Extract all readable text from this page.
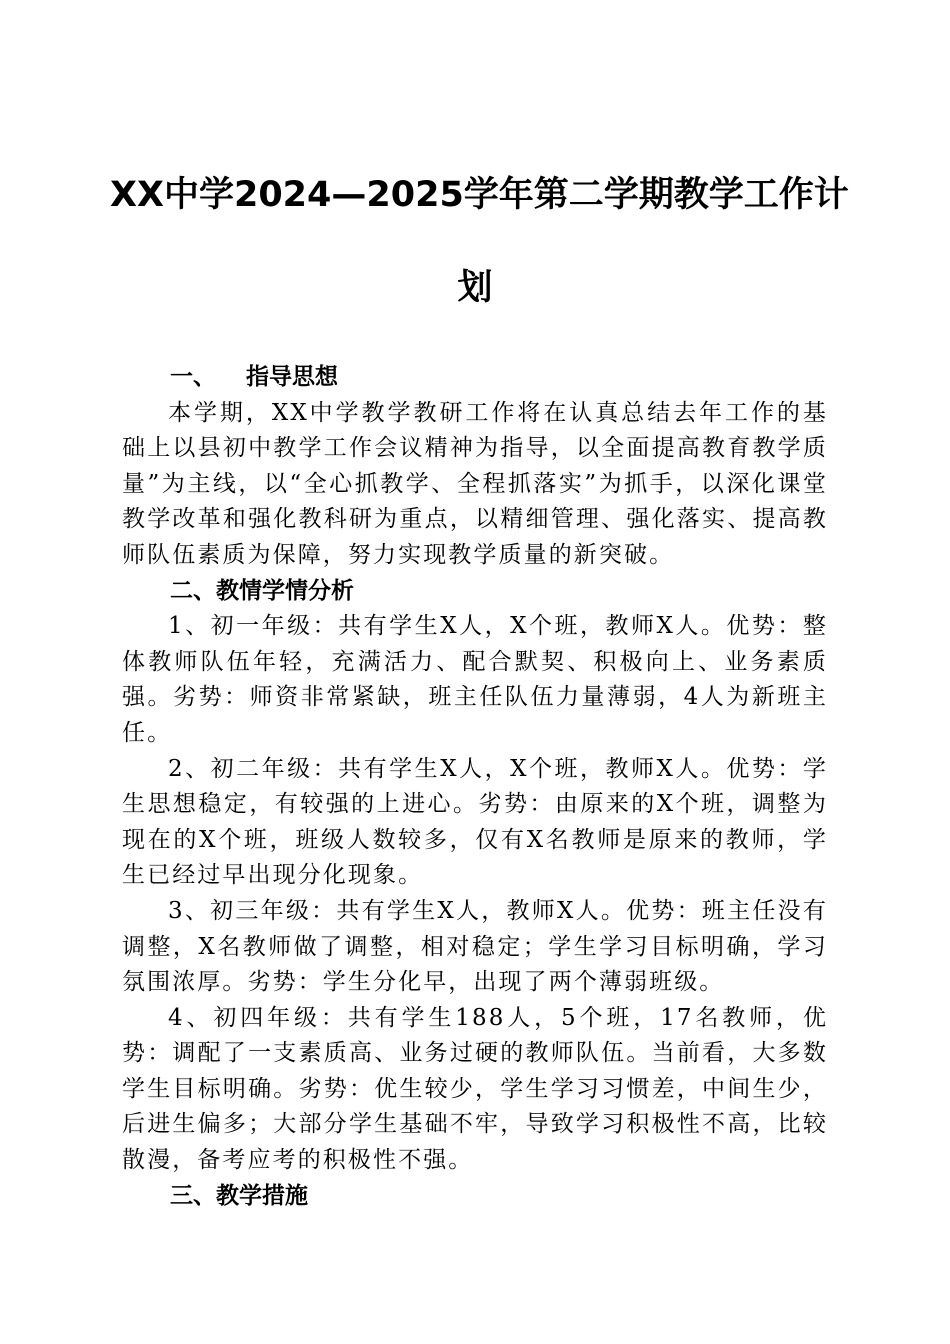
XX中学2024—2025学年第二学期教学工作计
划
一、 指导思想

本学期，XX中学教学教研工作将在认真总结去年工作的基础上以县初中教学工作会议精神为指导，以全面提高教育教学质量”为主线，以“全心抓教学、全程抓落实”为抓手，以深化课堂教学改革和强化教科研为重点，以精细管理、强化落实、提高教师队伍素质为保障，努力实现教学质量的新突破。

二、教情学情分析

1、初一年级：共有学生X人，X个班，教师X人。优势：整体教师队伍年轻，充满活力、配合默契、积极向上、业务素质强。劣势：师资非常紧缺，班主任队伍力量薄弱，4人为新班主任。

2、初二年级：共有学生X人，X个班，教师X人。优势：学生思想稳定，有较强的上进心。劣势：由原来的X个班，调整为现在的X个班，班级人数较多，仅有X名教师是原来的教师，学生已经过早出现分化现象。

3、初三年级：共有学生X人，教师X人。优势：班主任没有调整，X名教师做了调整，相对稳定；学生学习目标明确，学习氛围浓厚。劣势：学生分化早，出现了两个薄弱班级。

4、初四年级：共有学生188人，5个班，17名教师，优势：调配了一支素质高、业务过硬的教师队伍。当前看，大多数学生目标明确。劣势：优生较少，学生学习习惯差，中间生少，后进生偏多；大部分学生基础不牢，导致学习积极性不高，比较散漫，备考应考的积极性不强。

三、教学措施
